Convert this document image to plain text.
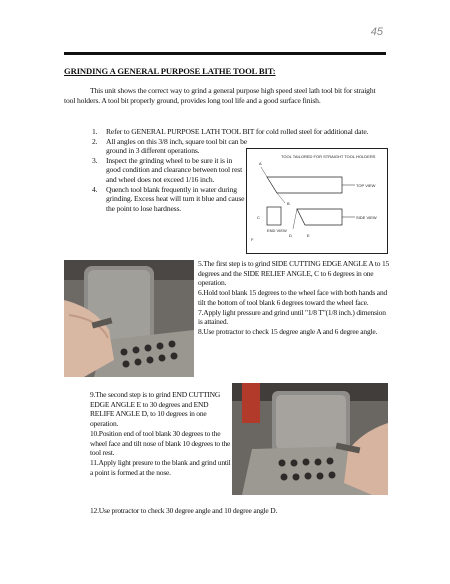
45
GRINDING A GENERAL PURPOSE LATHE TOOL BIT:

This unit shows the correct way to grind a general purpose high speed steel lath tool bit for straight tool holders. A tool bit properly ground, provides long tool life and a good surface finish.

1. Refer to GENERAL PURPOSE LATH TOOL BIT for cold rolled steel for additional date.
2. All angles on this 3/8 inch, square tool bit can be ground in 3 different operations.
3. Inspect the grinding wheel to be sure it is in good condition and clearance between tool rest and wheel does not exceed 1/16 inch.
4. Quench tool blank frequently in water during grinding. Excess heat will turn it blue and cause the point to lose hardness.
TOOL TAILORED FOR STRAIGHT TOOL HOLDERS
TOP VIEW
A
B
END VIEW
C	SIDE VIEW
D	E
F

5.The first step is to grind SIDE CUTTING EDGE ANGLE A to 15 degrees and the SIDE RELIEF ANGLE, C to 6 degrees in one operation.

6.Hold tool blank 15 degrees to the wheel face with both hands and tilt the bottom of tool blank 6 degrees toward the wheel face.

7.Apply light pressure and grind until "1/8 T"(1/8 inch.) dimension is attained.

8.Use protractor to check 15 degree angle A and 6 degree angle.

9.The second step is to grind END CUTTING EDGE ANGLE E to 30 degrees and END RELIFE ANGLE D, to 10 degrees in one operation.

10.Position end of tool blank 30 degrees to the wheel face and tilt nose of blank 10 degrees to the tool rest.

11.Apply light presure to the blank and grind until a point is formed at the nose.

12.Use protractor to check 30 degree angle and 10 degree angle D.
